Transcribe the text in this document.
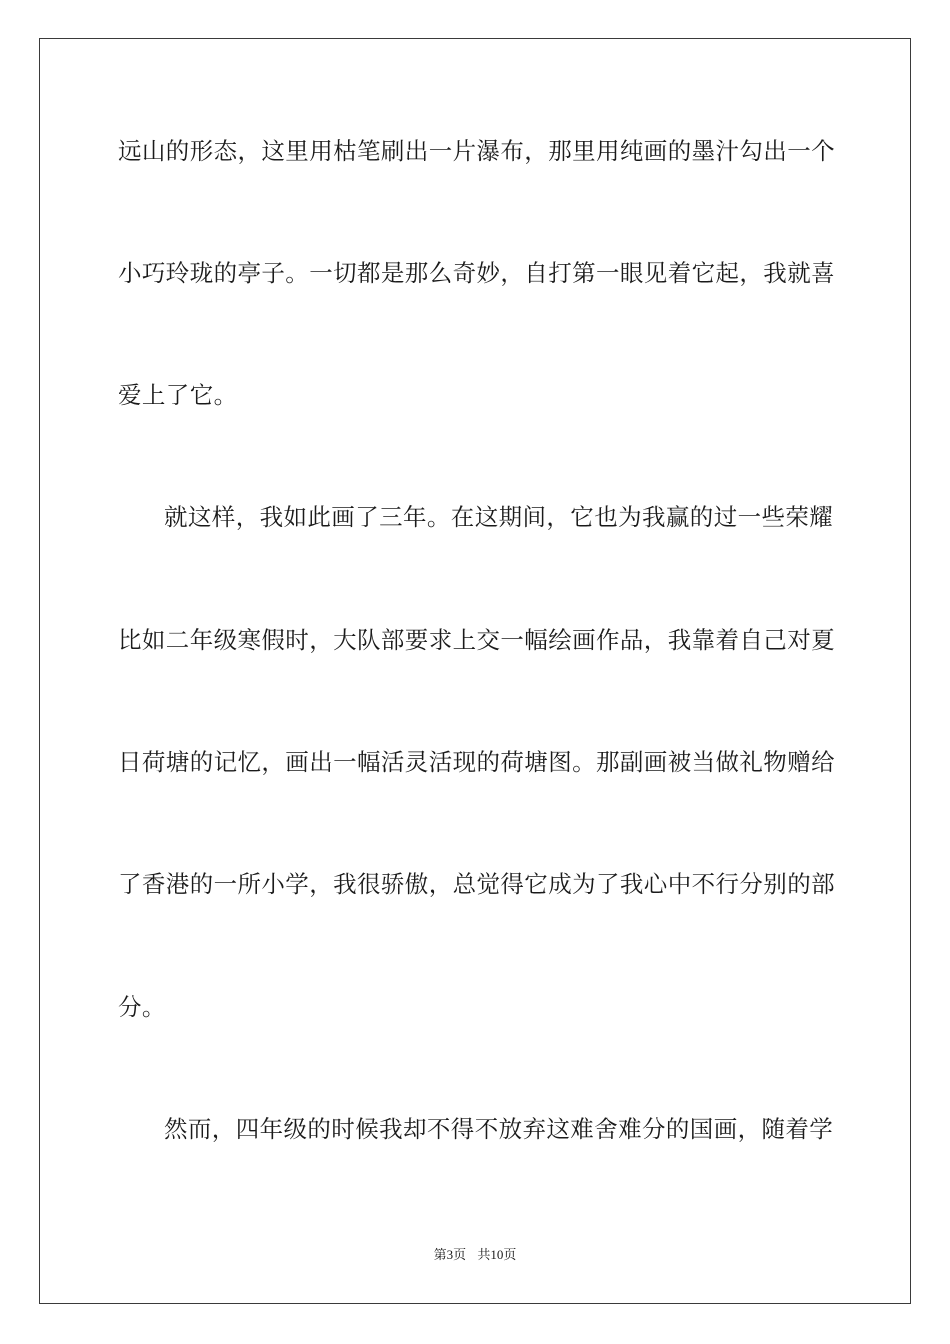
远山的形态，这里用枯笔刷出一片瀑布，那里用纯画的墨汁勾出一个
小巧玲珑的亭子。一切都是那么奇妙，自打第一眼见着它起，我就喜
爱上了它。
就这样，我如此画了三年。在这期间，它也为我赢的过一些荣耀
比如二年级寒假时，大队部要求上交一幅绘画作品，我靠着自己对夏
日荷塘的记忆，画出一幅活灵活现的荷塘图。那副画被当做礼物赠给
了香港的一所小学，我很骄傲，总觉得它成为了我心中不行分别的部
分。
然而，四年级的时候我却不得不放弃这难舍难分的国画，随着学
第3页 共10页
